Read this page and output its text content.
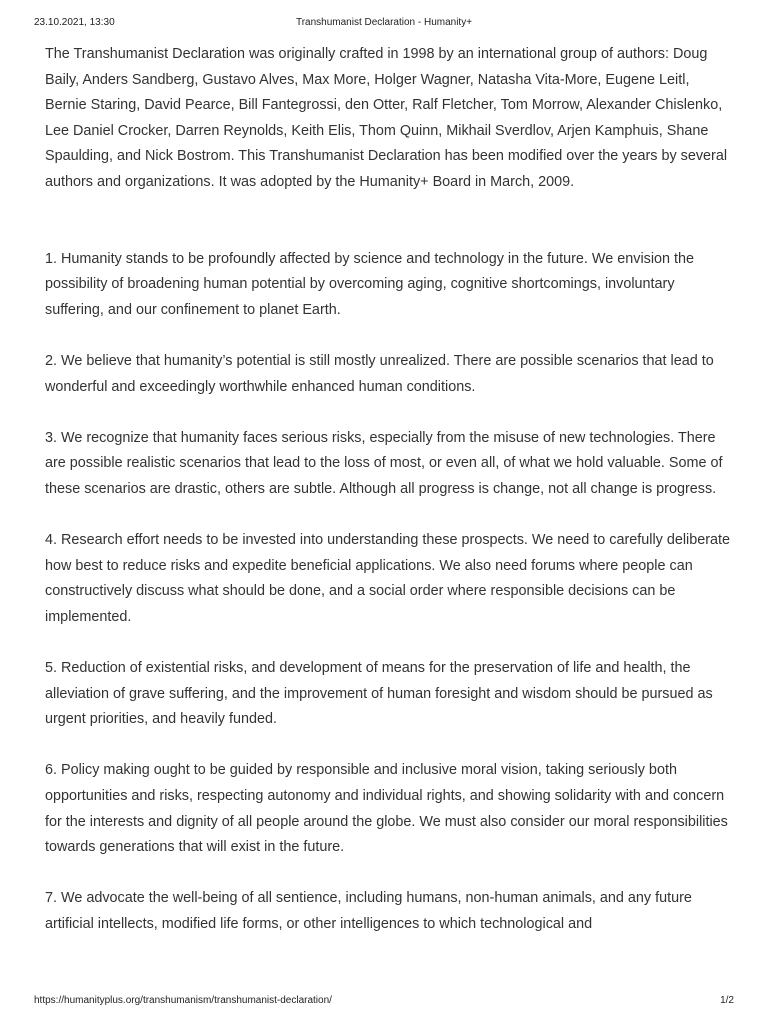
23.10.2021, 13:30	Transhumanist Declaration - Humanity+

The Transhumanist Declaration was originally crafted in 1998 by an international group of authors: Doug Baily, Anders Sandberg, Gustavo Alves, Max More, Holger Wagner, Natasha Vita-More, Eugene Leitl, Bernie Staring, David Pearce, Bill Fantegrossi, den Otter, Ralf Fletcher, Tom Morrow, Alexander Chislenko, Lee Daniel Crocker, Darren Reynolds, Keith Elis, Thom Quinn, Mikhail Sverdlov, Arjen Kamphuis, Shane Spaulding, and Nick Bostrom. This Transhumanist Declaration has been modified over the years by several authors and organizations. It was adopted by the Humanity+ Board in March, 2009.

1. Humanity stands to be profoundly affected by science and technology in the future. We envision the possibility of broadening human potential by overcoming aging, cognitive shortcomings, involuntary suffering, and our confinement to planet Earth.

2. We believe that humanity’s potential is still mostly unrealized. There are possible scenarios that lead to wonderful and exceedingly worthwhile enhanced human conditions.

3. We recognize that humanity faces serious risks, especially from the misuse of new technologies. There are possible realistic scenarios that lead to the loss of most, or even all, of what we hold valuable. Some of these scenarios are drastic, others are subtle. Although all progress is change, not all change is progress.

4. Research effort needs to be invested into understanding these prospects. We need to carefully deliberate how best to reduce risks and expedite beneficial applications. We also need forums where people can constructively discuss what should be done, and a social order where responsible decisions can be implemented.

5. Reduction of existential risks, and development of means for the preservation of life and health, the alleviation of grave suffering, and the improvement of human foresight and wisdom should be pursued as urgent priorities, and heavily funded.

6. Policy making ought to be guided by responsible and inclusive moral vision, taking seriously both opportunities and risks, respecting autonomy and individual rights, and showing solidarity with and concern for the interests and dignity of all people around the globe. We must also consider our moral responsibilities towards generations that will exist in the future.

7. We advocate the well-being of all sentience, including humans, non-human animals, and any future artificial intellects, modified life forms, or other intelligences to which technological and

https://humanityplus.org/transhumanism/transhumanist-declaration/	1/2
